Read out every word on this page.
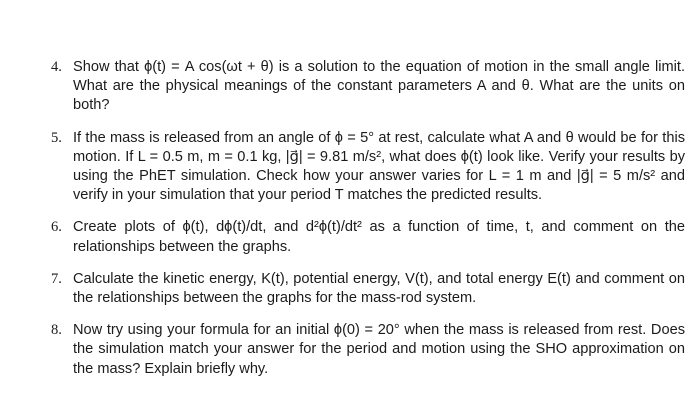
4. Show that ϕ(t) = A cos(ωt + θ) is a solution to the equation of motion in the small angle limit. What are the physical meanings of the constant parameters A and θ. What are the units on both?
5. If the mass is released from an angle of ϕ = 5° at rest, calculate what A and θ would be for this motion. If L = 0.5 m, m = 0.1 kg, |g⃗| = 9.81 m/s², what does ϕ(t) look like. Verify your results by using the PhET simulation. Check how your answer varies for L = 1 m and |g⃗| = 5 m/s² and verify in your simulation that your period T matches the predicted results.
6. Create plots of ϕ(t), dϕ(t)/dt, and d²ϕ(t)/dt² as a function of time, t, and comment on the relationships between the graphs.
7. Calculate the kinetic energy, K(t), potential energy, V(t), and total energy E(t) and comment on the relationships between the graphs for the mass-rod system.
8. Now try using your formula for an initial ϕ(0) = 20° when the mass is released from rest. Does the simulation match your answer for the period and motion using the SHO approximation on the mass? Explain briefly why.
